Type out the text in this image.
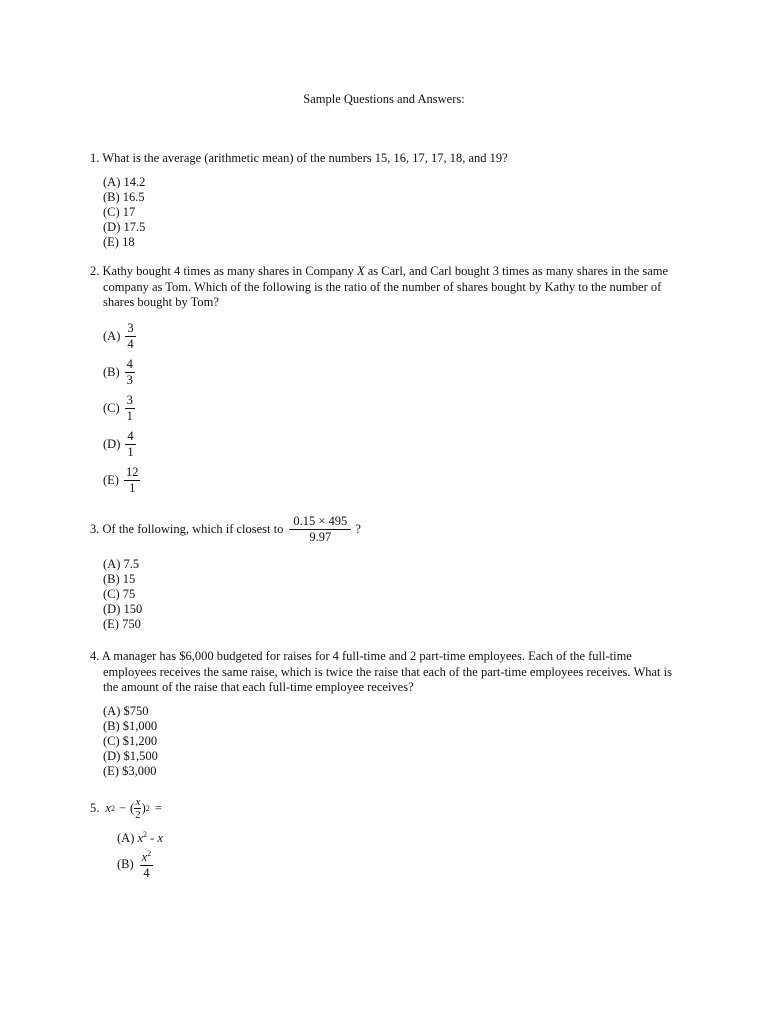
Sample Questions and Answers:
1. What is the average (arithmetic mean) of the numbers 15, 16, 17, 17, 18, and 19?
(A) 14.2
(B) 16.5
(C) 17
(D) 17.5
(E) 18
2. Kathy bought 4 times as many shares in Company X as Carl, and Carl bought 3 times as many shares in the same company as Tom. Which of the following is the ratio of the number of shares bought by Kathy to the number of shares bought by Tom?
$(A) \frac{3}{4}$
$(B) \frac{4}{3}$
$(C) \frac{3}{1}$
$(D) \frac{4}{1}$
$(E) \frac{12}{1}$
3. Of the following, which if closest to $\frac{0.15 \times 495}{9.97}$ ?
(A) 7.5
(B) 15
(C) 75
(D) 150
(E) 750
4. A manager has $6,000 budgeted for raises for 4 full-time and 2 part-time employees. Each of the full-time employees receives the same raise, which is twice the raise that each of the part-time employees receives. What is the amount of the raise that each full-time employee receives?
(A) $750
(B) $1,000
(C) $1,200
(D) $1,500
(E) $3,000
5. x 2 − ( $\frac{x}{2}$ ) 2 =
(A) $x^2$ - x
$(B) \frac{x^2}{4}$
